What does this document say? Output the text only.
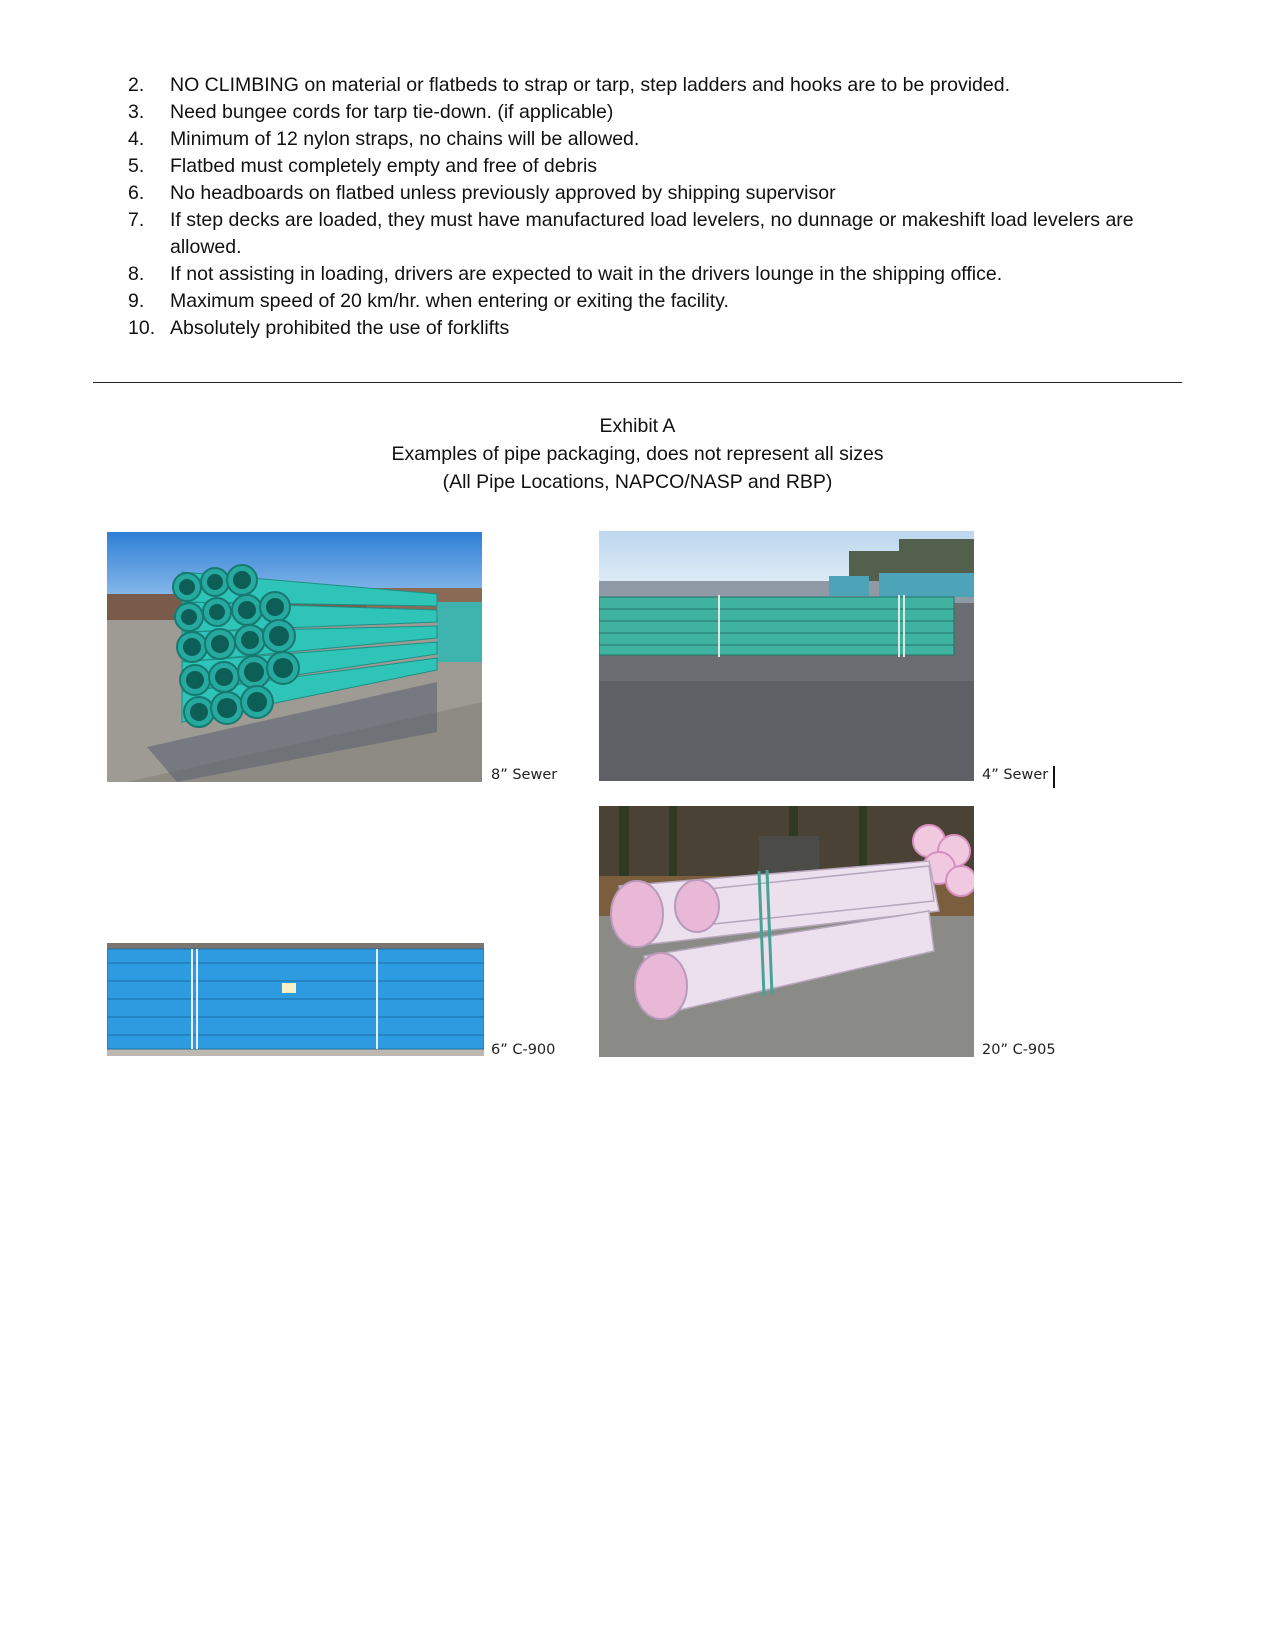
2.	NO CLIMBING on material or flatbeds to strap or tarp, step ladders and hooks are to be provided.
3.	Need bungee cords for tarp tie-down. (if applicable)
4.	Minimum of 12 nylon straps, no chains will be allowed.
5.	Flatbed must completely empty and free of debris
6.	No headboards on flatbed unless previously approved by shipping supervisor
7.	If step decks are loaded, they must have manufactured load levelers, no dunnage or makeshift load levelers are allowed.
8.	If not assisting in loading, drivers are expected to wait in the drivers lounge in the shipping office.
9.	Maximum speed of 20 km/hr. when entering or exiting the facility.
10. Absolutely prohibited the use of forklifts
Exhibit A
Examples of pipe packaging, does not represent all sizes
(All Pipe Locations, NAPCO/NASP and RBP)
8” Sewer	4” Sewer
6” C-900	20” C-905
